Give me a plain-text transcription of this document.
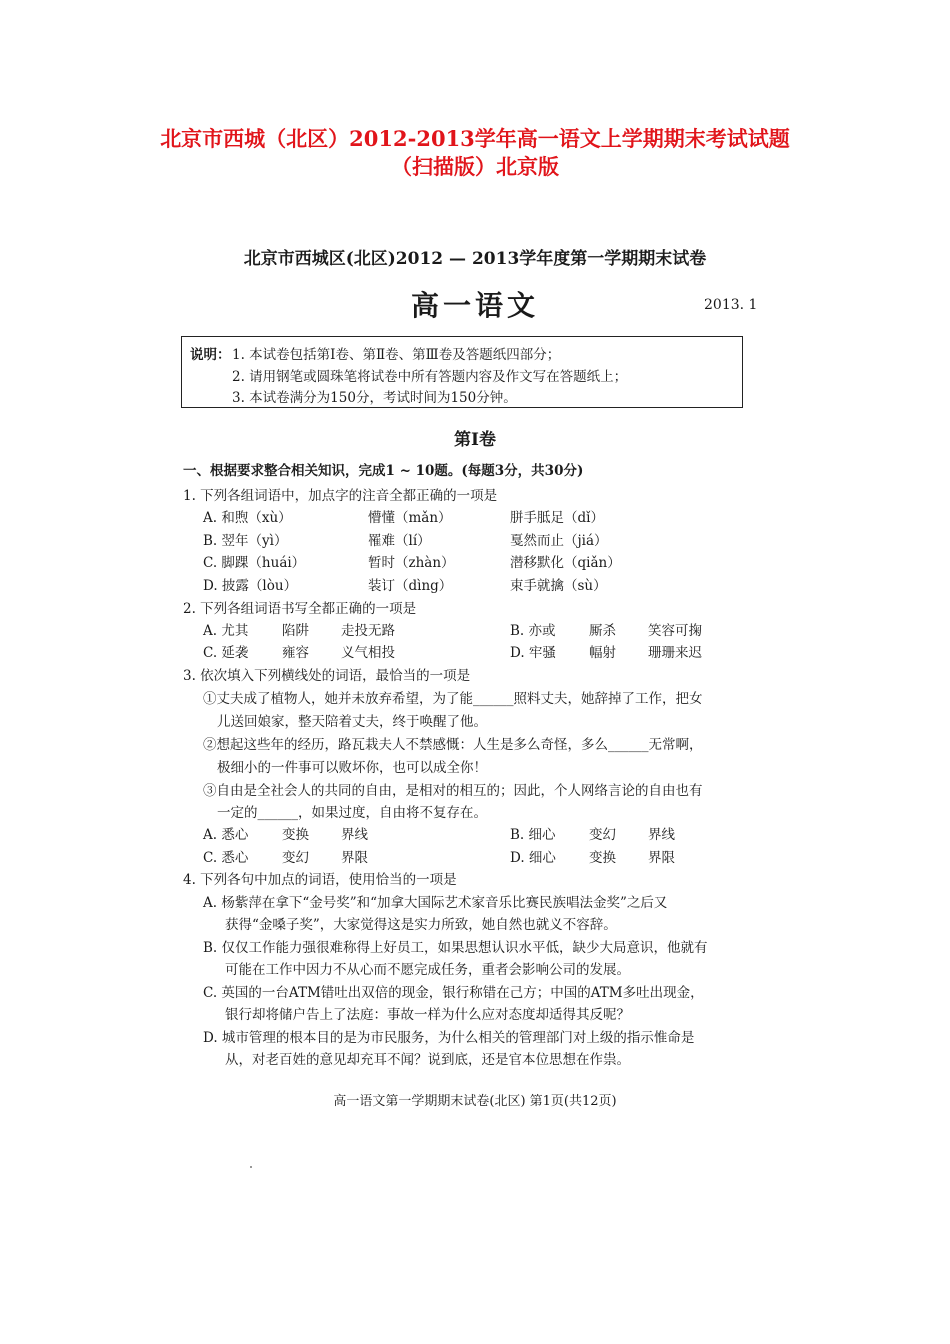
北京市西城（北区）2012-2013学年高一语文上学期期末考试试题
（扫描版）北京版
北京市西城区(北区)2012 — 2013学年度第一学期期末试卷
高一语文	2013. 1
说明： 1. 本试卷包括第Ⅰ卷、第Ⅱ卷、第Ⅲ卷及答题纸四部分；
2. 请用钢笔或圆珠笔将试卷中所有答题内容及作文写在答题纸上；
3. 本试卷满分为150分，考试时间为150分钟。
第Ⅰ卷
一、根据要求整合相关知识，完成1 ~ 10题。(每题3分，共30分)
1. 下列各组词语中，加点字的注音全都正确的一项是
A. 和煦（xù）	懵懂（mǎn）	胼手胝足（dǐ）
B. 翌年（yì）	罹难（lí）	戛然而止（jiá）
C. 脚踝（huái）	暂时（zhàn）	潜移默化（qiǎn）
D. 披露（lòu）	装订（dìng）	束手就擒（sù）
2. 下列各组词语书写全都正确的一项是
A. 尤其 陷阱 走投无路	B. 亦或 厮杀 笑容可掬
C. 延袭 雍容 义气相投	D. 牢骚 幅射 珊珊来迟
3. 依次填入下列横线处的词语，最恰当的一项是
①丈夫成了植物人，她并未放弃希望，为了能______照料丈夫，她辞掉了工作，把女
儿送回娘家，整天陪着丈夫，终于唤醒了他。
②想起这些年的经历，路瓦栽夫人不禁感慨：人生是多么奇怪，多么______无常啊，
极细小的一件事可以败坏你，也可以成全你！
③自由是全社会人的共同的自由，是相对的相互的；因此，个人网络言论的自由也有
一定的______，如果过度，自由将不复存在。
A. 悉心 变换 界线	B. 细心 变幻 界线
C. 悉心 变幻 界限	D. 细心 变换 界限
4. 下列各句中加点的词语，使用恰当的一项是
A. 杨紫萍在拿下“金号奖”和“加拿大国际艺术家音乐比赛民族唱法金奖”之后又
获得“金嗓子奖”，大家觉得这是实力所致，她自然也就义不容辞。
B. 仅仅工作能力强很难称得上好员工，如果思想认识水平低，缺少大局意识，他就有
可能在工作中因力不从心而不愿完成任务，重者会影响公司的发展。
C. 英国的一台ATM错吐出双倍的现金，银行称错在己方；中国的ATM多吐出现金，
银行却将储户告上了法庭：事故一样为什么应对态度却适得其反呢？
D. 城市管理的根本目的是为市民服务，为什么相关的管理部门对上级的指示惟命是
从，对老百姓的意见却充耳不闻？说到底，还是官本位思想在作祟。
高一语文第一学期期末试卷(北区) 第1页(共12页)
